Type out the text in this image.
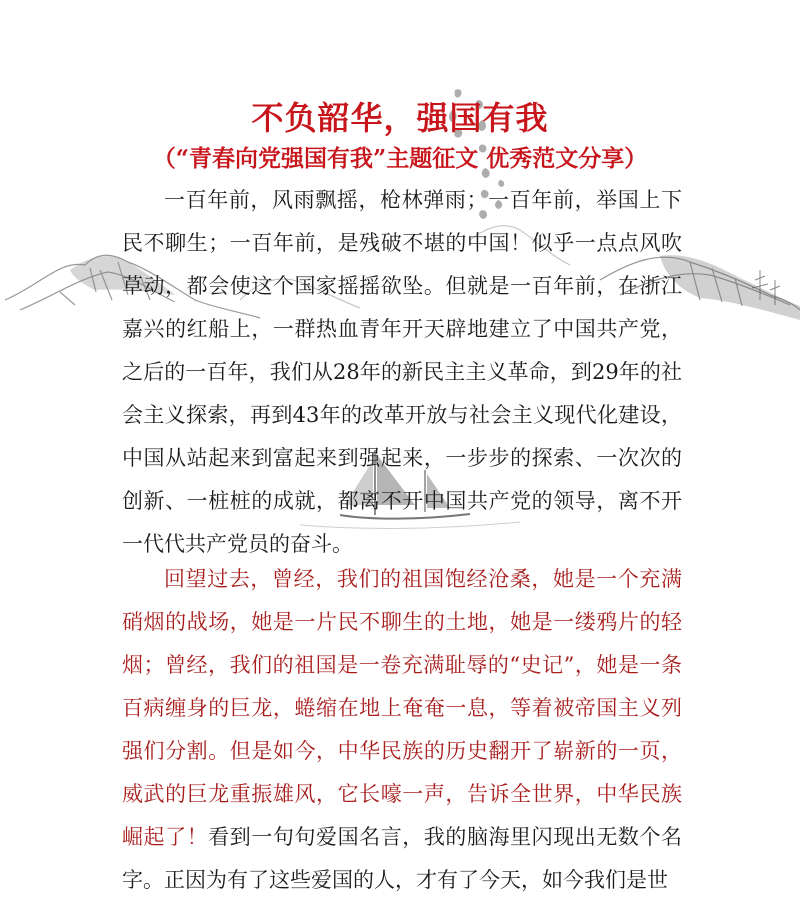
不负韶华，强国有我
（“青春向党强国有我”主题征文 优秀范文分享）

一百年前，风雨飘摇，枪林弹雨；一百年前，举国上下民不聊生；一百年前，是残破不堪的中国！似乎一点点风吹草动，都会使这个国家摇摇欲坠。但就是一百年前，在浙江嘉兴的红船上，一群热血青年开天辟地建立了中国共产党，之后的一百年，我们从28年的新民主主义革命，到29年的社会主义探索，再到43年的改革开放与社会主义现代化建设，中国从站起来到富起来到强起来，一步步的探索、一次次的创新、一桩桩的成就，都离不开中国共产党的领导，离不开一代代共产党员的奋斗。

回望过去，曾经，我们的祖国饱经沧桑，她是一个充满硝烟的战场，她是一片民不聊生的土地，她是一缕鸦片的轻烟；曾经，我们的祖国是一卷充满耻辱的“史记”，她是一条百病缠身的巨龙，蜷缩在地上奄奄一息，等着被帝国主义列强们分割。但是如今，中华民族的历史翻开了崭新的一页，威武的巨龙重振雄风，它长嚎一声，告诉全世界，中华民族崛起了！看到一句句爱国名言，我的脑海里闪现出无数个名字。正因为有了这些爱国的人，才有了今天，如今我们是世
